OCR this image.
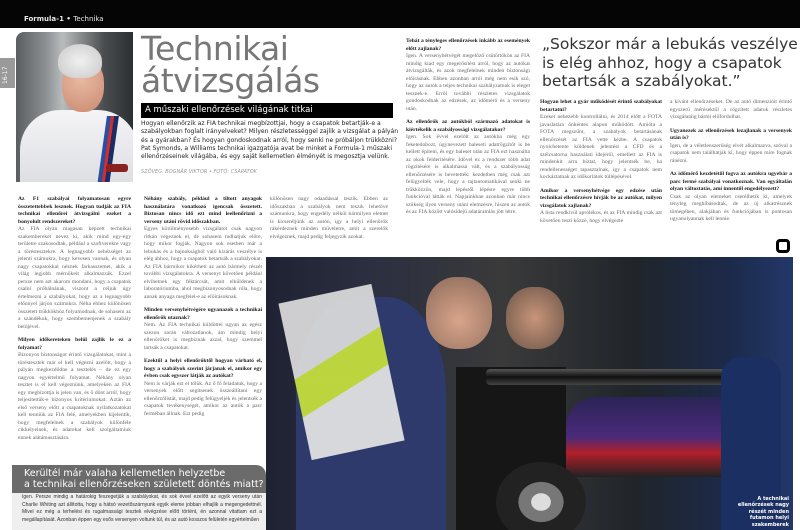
Formula-1 • Technika
16-17
Technikai
átvizsgálás
A műszaki ellenőrzések világának titkai

Hogyan ellenőrzik az FIA technikai megbízottjai, hogy a csapatok betartják-e a szabályokban foglalt irányelveket? Milyen részletességgel zajlik a vizsgálat a pályán és a gyárakban? És hogyan gondoskodnak arról, hogy senki ne próbáljon trükközni? Pat Symonds, a Williams technikai igazgatója avat be minket a Formula-1 műszaki ellenőrzéseinek világába, és egy saját kellemetlen élményét is megosztja velünk.

SZÖVEG: BOGNÁR VIKTOR • FOTÓ: CSAPATOK
„Sokszor már a lebukás veszélye is elég ahhoz, hogy a csapatok betartsák a szabályokat.”

Az F1 szabályai folyamatosan egyre összetettebbek lesznek. Hogyan tudják az FIA technikai ellenőrei átvizsgálni ezeket a bonyolult rendszereket?

Az FIA olyan magasan képzett technikai szakembereket nevez ki, akik mind egy-egy területre szakosodtak, például a szoftverekre vagy a töréstesztekre. A legnagyobb nehézséget az jelenti számukra, hogy kevesen vannak, és olyan nagy csapatokkal néznek farkasszemet, akik a világ legjobb mérnökeit alkalmazzák. Ezzel persze nem azt akarom mondani, hogy a csapatok csalni próbálnának, viszont a céljuk úgy értelmezni a szabályokat, hogy az a legnagyobb előnnyel járjon számukra. Néha ehhez különösen összetett trükkökhöz folyamodnak, de sohasem az a szándékuk, hogy szembemenjenek a szabály betűjével.

Milyen időkereteken belül zajlik le ez a folyamat?

Bizonyos biztonságot érintő vizsgálatokat, mint a töréstesztek már el kell végezni azelőtt, hogy a pályán megkezdődne a tesztelés – de ez egy nagyon egyértelmű folyamat. Néhány olyan tesztet is el kell végeznünk, amelyeken az FIA egy megbízottja is jelen van, és ő dönt arról, hogy teljesítettük-e bizonyos kritériumokat. Aztán az első verseny előtt a csapatoknak nyilatkozatokat kell tenniük az FIA felé, amelyekben kijelentik, hogy megfelelnek a szabályok különféle cikkelyeinek, és adatokat kell szolgáltatniuk ennek alátámasztására.

Néhány szabály, például a tiltott anyagok használatára vonatkozó igencsak összetett. Biztosan nincs idő ezt mind leellenőrizni a verseny utáni rövid időszakban.

Egyes körülményesebb vizsgálatot csak nagyon ritkán végeznek el, de sohasem tudhatjuk előre, hogy mikor fogják. Nagyon sok esetben már a lebukás és a bajnokságból való kizárás veszélye is elég ahhoz, hogy a csapatok betartsák a szabályokat. Az FIA bármikor kikérheti az autó bármely részét további vizsgálatokra. A versenyt követően például elvihetnek egy féktárcsát, amit elküldenek a laboratóriumba, ahol megbizonyosodnak róla, hogy annak anyaga megfelel-e az előírásoknak.

Minden versenyhétvégére ugyanazok a technikai ellenőrök utaznak?

Nem. Az FIA technikai küldöttei ugyan az egész szezon során változatlanok, ám mindig helyi ellenőröket is megbíznak azzal, hogy szemmel tartsák a csapatokat.

Ezektől a helyi ellenőröktől hogyan várható el, hogy a szabályok szerint járjanak el, amikor egy évben csak egyszer látják az autókat?

Nem is várják ezt el tőlük. Az ő fő feladatuk, hogy a versenyek előtt segítsenek összeállítani egy ellenőrzőlistát, majd pedig felügyeljék és jelentsék a csapatok tevékenységét, amikor az autók a parc ferméban állnak. Ezt pedig

különösen nagy odaadással teszik. Ebben az időszakban a szabályok nem teszik lehetővé számunkra, hogy engedély nélkül bármilyen elemet is kicseréljünk az autón, így a helyi ellenőrök rákérdeznek minden műveletre, amit a szerelők elvégeznek, majd pedig feljegyzik azokat.

Tehát a tényleges ellenőrzések inkább az események előtt zajlanak?

Igen. A versenyhétvégét megelőző csütörtökön az FIA mindig kiad egy megerősítést arról, hogy az autókat átvizsgálták, és azok megfelelnek minden biztonsági előírásnak. Ebben azonban arról még nem esik szó, hogy az autók a teljes technikai szabályzatnak is eleget tesznek-e. Erről további részletes vizsgálatok gondoskodnak az edzések, az időmérő és a verseny után.

Az ellenőrök az autókból származó adatokat is kiértékelik a szabályossági vizsgálatakor?

Igen. Sok évvel ezelőtt az autókba még egy feketedobozt, úgynevezett baleseti adatrögzítőt is be kellett építeni, és egy baleset után az FIA ezt használta az okok felderítésére. Idővel ez a rendszer több adat rögzítésére is alkalmassá vált, és a szabályosság ellenőrzésére is bevetették: kezdetben még csak azt felügyelték vele, hogy a rajtautomatikával senki ne trükközzön, majd lépésről lépésre egyre több funkcióval látták el. Napjainkban azonban már nincs szükség ilyen verseny utáni elemzésre, hiszen az autók és az FIA között valósidejű adatáramlás jött létre.

Hogyan lehet a gyár működését érintő szabályokat betartatni?

Ezeket nehezebb kontrollálni, és 2014 előtt a FOTA javaslatára önkéntes alapon működött. Amióta a FOTA megszűnt, a szabályok betartásának ellenőrzését az FIA vette kézbe. A csapatok nyolchetente küldenek jelentést a CFD és a szélcsatorna használati idejéről, emellett az FIA is mindenkit arra bíztat, hogy jelentsék be, ha rendellenességet tapasztalnak, így a csapatok nem kockáztatnak az időkorlátok túllépésével.

Amikor a versenyhétvége egy edzése után technikai ellenőrzésre hívják be az autókat, milyen vizsgálatok zajlanak?

A lista rendkívül aprólékos, és az FIA mindig csak azt követően teszi közzé, hogy elvégezte

a kívánt ellenőrzéseket. De az autó dimenzióit érintő egyszerű mérésektől a rögzített adatok részletes vizsgálatáig bármi előfordulhat.

Ugyanezek az ellenőrzések lezajlanak a versenyek után is?

Igen, de a véletlenszerűség elvét alkalmazva, szóval a csapatok nem találhatják ki, hogy éppen mire fognak ránézni.

Az időmérő kezdetétől fogva az autókra ugyebár a parc fermé szabályai vonatkoznak. Van egyáltalán olyan változtatás, ami innentől engedélyezett?

Csak az olyan elemeket cserélhetik ki, amelyek tényleg meghibásodtak, de az új alkatrésznek tömegében, alakjában és funkciójában is pontosan ugyanolyannak kell lennie.

A technikai ellenőrzések nagy részét minden futamon helyi szakemberek
Kerültél már valaha kellemetlen helyzetbe
a technikai ellenőrzéseken született döntés miatt?

Igen. Persze mindig a határokig feszegetjük a szabályokat, és sok évvel ezelőtt az egyik verseny után Charlie Whiting azt állította, hogy a hátsó vezetőszárnyunk egyik eleme jobban elhajlik a megengedettnél. Mivel ez még a terhelési és rugalmassági tesztek elvégzése előtt történt, én azonnal vitattam ezt a megállapítását. Azonban éppen egy esős versenyen voltunk túl, és az autó kosszos felületén egyértelműen
